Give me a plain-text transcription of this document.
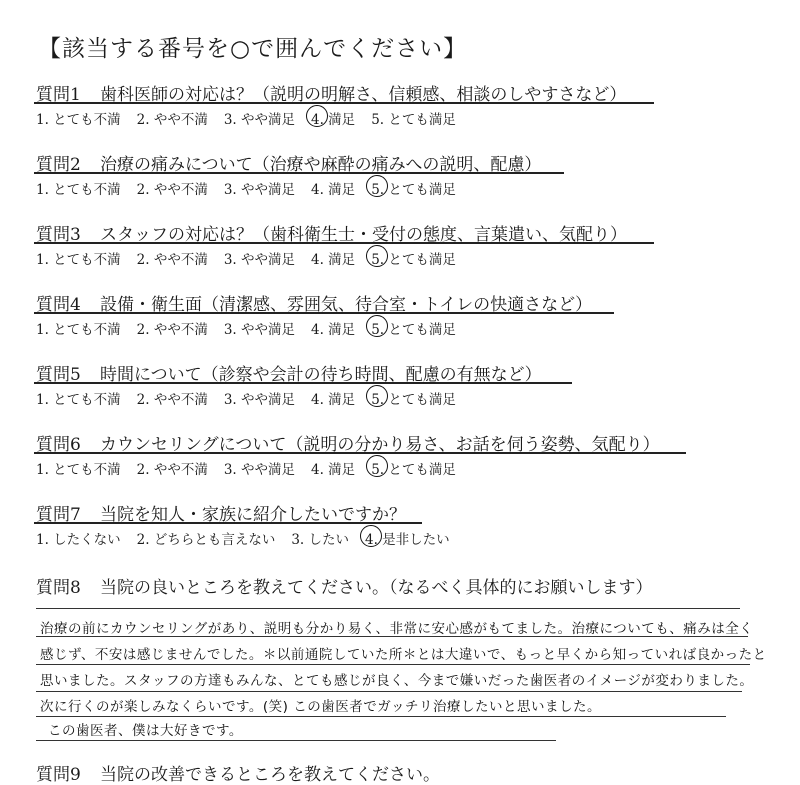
【該当する番号を○で囲んでください】
質問1 歯科医師の対応は？（説明の明解さ、信頼感、相談のしやすさなど）
1. とても不満 2. やや不満 3. やや満足 4. 満足 5. とても満足
質問2 治療の痛みについて（治療や麻酔の痛みへの説明、配慮）
1. とても不満 2. やや不満 3. やや満足 4. 満足 5. とても満足
質問3 スタッフの対応は？（歯科衛生士・受付の態度、言葉遣い、気配り）
1. とても不満 2. やや不満 3. やや満足 4. 満足 5. とても満足
質問4 設備・衛生面（清潔感、雰囲気、待合室・トイレの快適さなど）
1. とても不満 2. やや不満 3. やや満足 4. 満足 5. とても満足
質問5 時間について（診察や会計の待ち時間、配慮の有無など）
1. とても不満 2. やや不満 3. やや満足 4. 満足 5. とても満足
質問6 カウンセリングについて（説明の分かり易さ、お話を伺う姿勢、気配り）
1. とても不満 2. やや不満 3. やや満足 4. 満足 5. とても満足
質問7 当院を知人・家族に紹介したいですか？
1. したくない 2. どちらとも言えない 3. したい 4. 是非したい
質問8 当院の良いところを教えてください。（なるべく具体的にお願いします）
治療の前にカウンセリングがあり、説明も分かり易く、非常に安心感がもてました。治療についても、痛みは全く
感じず、不安は感じませんでした。＊以前通院していた所＊とは大違いで、もっと早くから知っていれば良かったと
思いました。スタッフの方達もみんな、とても感じが良く、今まで嫌いだった歯医者のイメージが変わりました。
次に行くのが楽しみなくらいです。(笑) この歯医者でガッチリ治療したいと思いました。
この歯医者、僕は大好きです。
質問9 当院の改善できるところを教えてください。
